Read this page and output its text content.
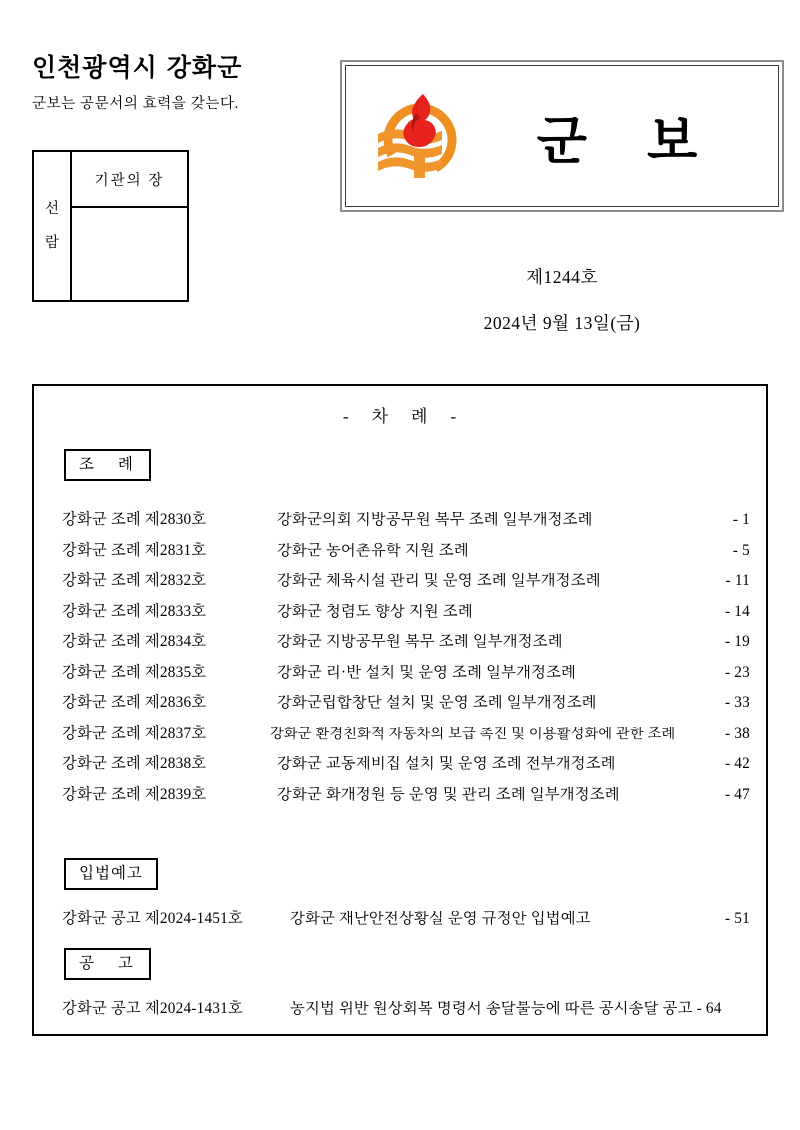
인천광역시 강화군
군보는 공문서의 효력을 갖는다.
선
람
기관의 장
군 보
제1244호
2024년 9월 13일(금)
- 차 례 -
조 례
강화군 조례 제2830호	강화군의회 지방공무원 복무 조례 일부개정조례	- 1
강화군 조례 제2831호	강화군 농어촌유학 지원 조례	- 5
강화군 조례 제2832호	강화군 체육시설 관리 및 운영 조례 일부개정조례	- 11
강화군 조례 제2833호	강화군 청렴도 향상 지원 조례	- 14
강화군 조례 제2834호	강화군 지방공무원 복무 조례 일부개정조례	- 19
강화군 조례 제2835호	강화군 리·반 설치 및 운영 조례 일부개정조례	- 23
강화군 조례 제2836호	강화군립합창단 설치 및 운영 조례 일부개정조례	- 33
강화군 조례 제2837호	강화군 환경친화적 자동차의 보급 촉진 및 이용활성화에 관한 조례	- 38
강화군 조례 제2838호	강화군 교동제비집 설치 및 운영 조례 전부개정조례	- 42
강화군 조례 제2839호	강화군 화개정원 등 운영 및 관리 조례 일부개정조례	- 47
입법예고
강화군 공고 제2024-1451호	강화군 재난안전상황실 운영 규정안 입법예고	- 51
공 고
강화군 공고 제2024-1431호	농지법 위반 원상회복 명령서 송달불능에 따른 공시송달 공고 - 64
